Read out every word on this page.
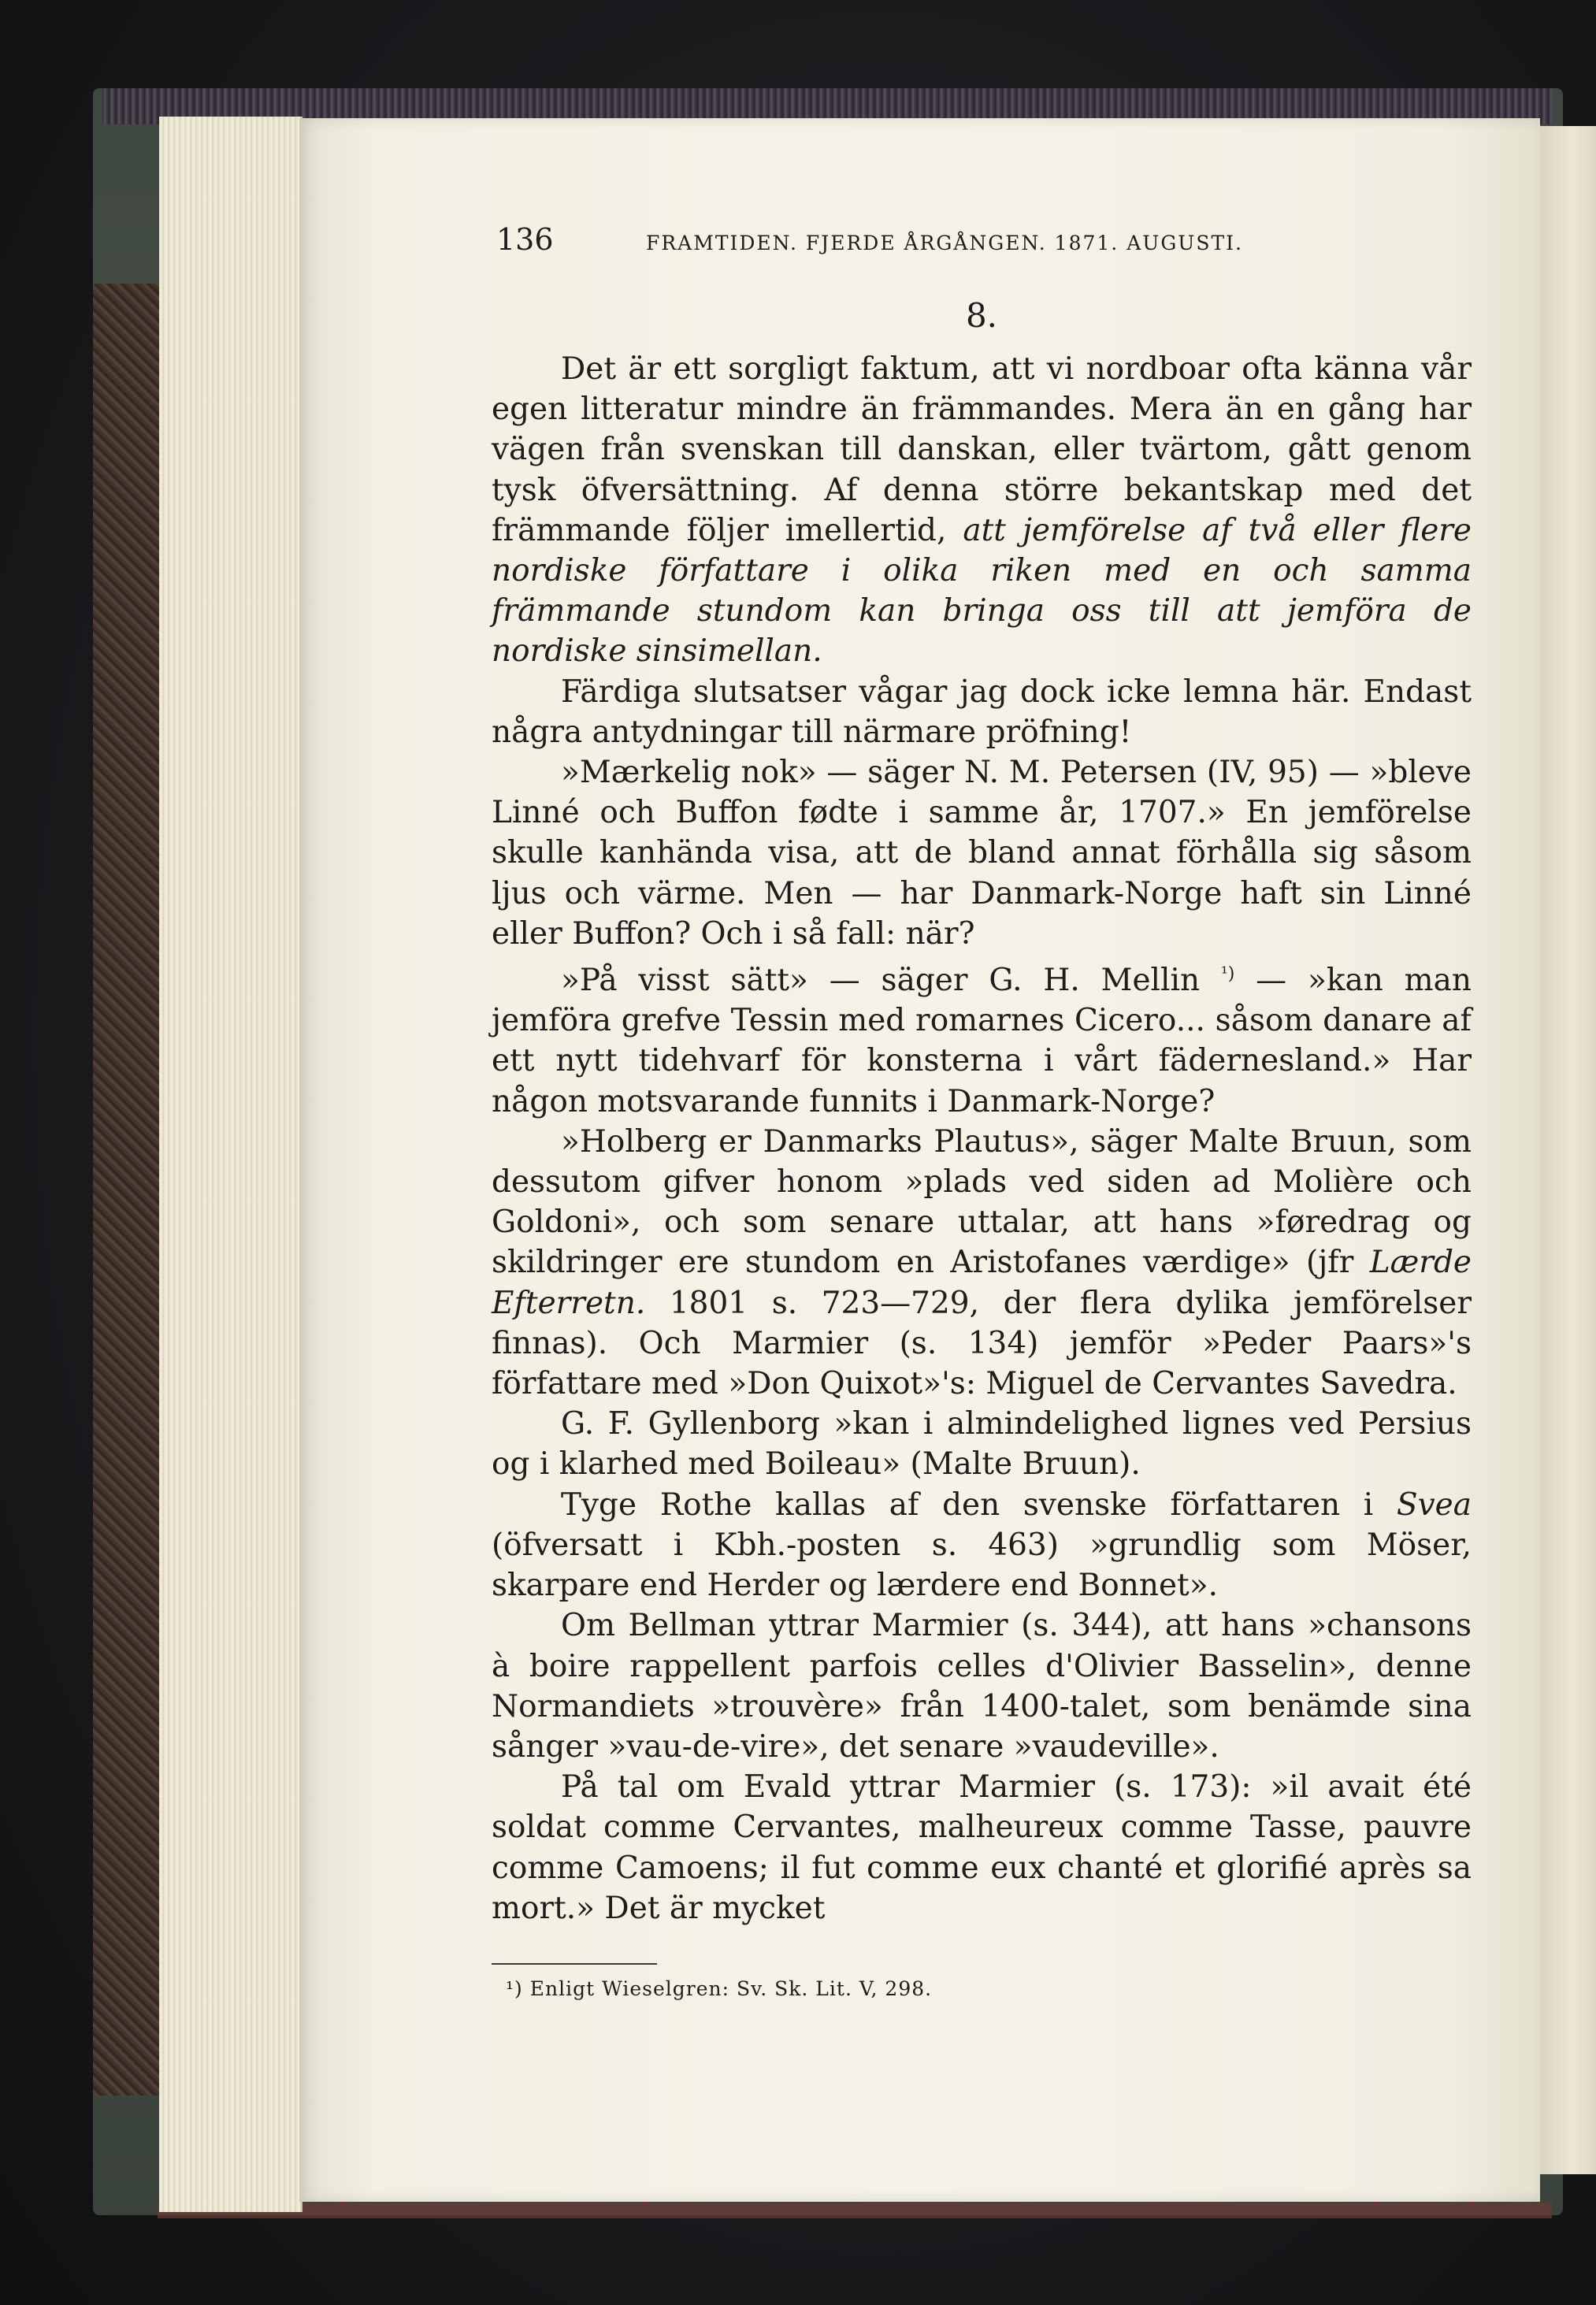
136	FRAMTIDEN. FJERDE ÅRGÅNGEN. 1871. AUGUSTI.
8.

Det är ett sorgligt faktum, att vi nordboar ofta känna vår egen litteratur mindre än främmandes. Mera än en gång har vägen från svenskan till danskan, eller tvärtom, gått genom tysk öfversättning. Af denna större bekantskap med det främmande följer imellertid, att jemförelse af två eller flere nordiske författare i olika riken med en och samma främmande stundom kan bringa oss till att jemföra de nordiske sinsimellan.

Färdiga slutsatser vågar jag dock icke lemna här. Endast några antydningar till närmare pröfning!

»Mærkelig nok» — säger N. M. Petersen (IV, 95) — »bleve Linné och Buffon fødte i samme år, 1707.» En jemförelse skulle kanhända visa, att de bland annat förhålla sig såsom ljus och värme. Men — har Danmark-Norge haft sin Linné eller Buffon? Och i så fall: när?

»På visst sätt» — säger G. H. Mellin $^{^1)}$ — »kan man jemföra grefve Tessin med romarnes Cicero... såsom danare af ett nytt tidehvarf för konsterna i vårt fädernesland.» Har någon motsvarande funnits i Danmark-Norge?

»Holberg er Danmarks Plautus», säger Malte Bruun, som dessutom gifver honom »plads ved siden ad Molière och Goldoni», och som senare uttalar, att hans »føredrag og skildringer ere stundom en Aristofanes værdige» (jfr Lærde Efterretn. 1801 s. 723—729, der flera dylika jemförelser finnas). Och Marmier (s. 134) jemför »Peder Paars»'s författare med »Don Quixot»'s: Miguel de Cervantes Savedra.

G. F. Gyllenborg »kan i almindelighed lignes ved Persius og i klarhed med Boileau» (Malte Bruun).

Tyge Rothe kallas af den svenske författaren i Svea (öfversatt i Kbh.-posten s. 463) »grundlig som Möser, skarpare end Herder og lærdere end Bonnet».

Om Bellman yttrar Marmier (s. 344), att hans »chansons à boire rappellent parfois celles d'Olivier Basselin», denne Normandiets »trouvère» från 1400-talet, som benämde sina sånger »vau-de-vire», det senare »vaudeville».

På tal om Evald yttrar Marmier (s. 173): »il avait été soldat comme Cervantes, malheureux comme Tasse, pauvre comme Camoens; il fut comme eux chanté et glorifié après sa mort.» Det är mycket

¹) Enligt Wieselgren: Sv. Sk. Lit. V, 298.
